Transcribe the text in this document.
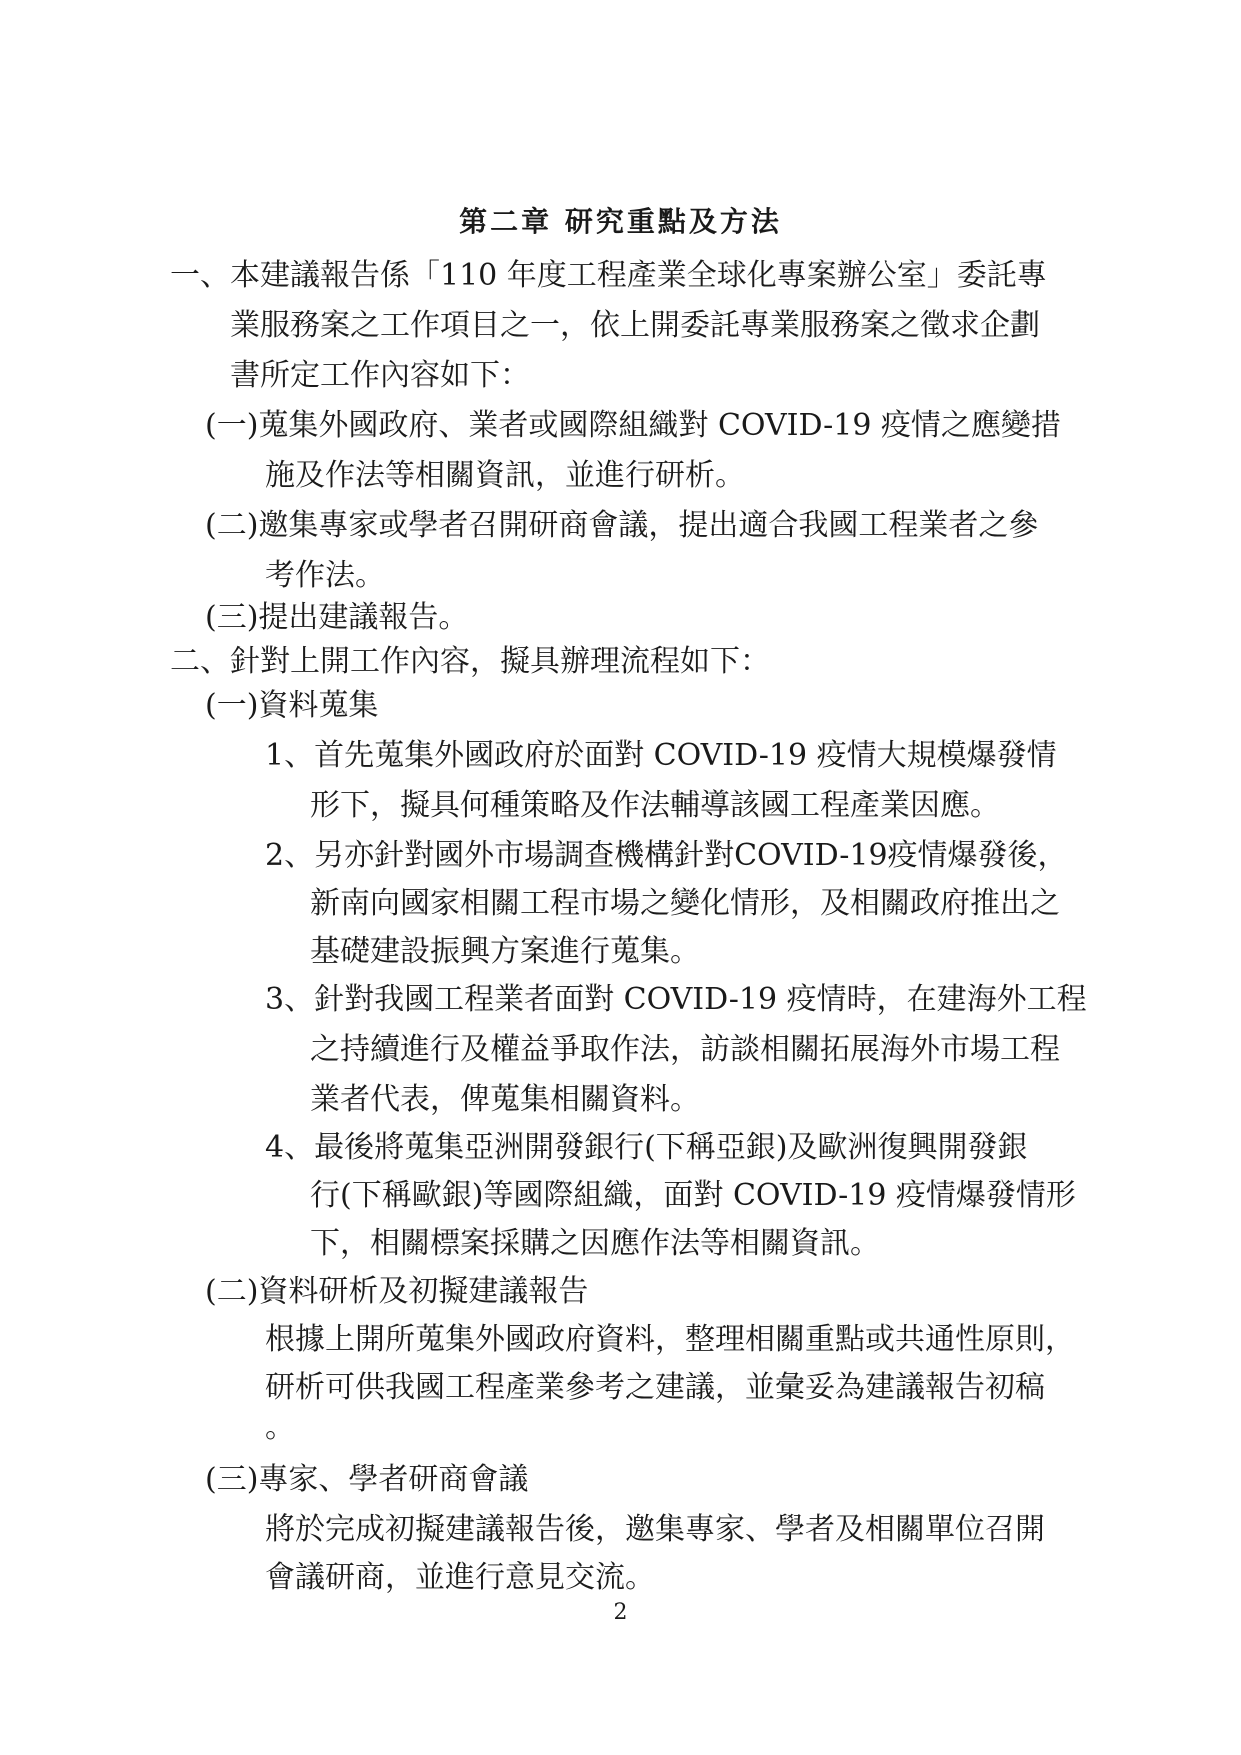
第二章 研究重點及方法
一、本建議報告係「110 年度工程產業全球化專案辦公室」委託專
業服務案之工作項目之一，依上開委託專業服務案之徵求企劃
書所定工作內容如下：
(一)蒐集外國政府、業者或國際組織對 COVID-19 疫情之應變措
施及作法等相關資訊，並進行研析。
(二)邀集專家或學者召開研商會議，提出適合我國工程業者之參
考作法。
(三)提出建議報告。
二、針對上開工作內容，擬具辦理流程如下：
(一)資料蒐集
1、首先蒐集外國政府於面對 COVID-19 疫情大規模爆發情
形下，擬具何種策略及作法輔導該國工程產業因應。
2、另亦針對國外市場調查機構針對COVID-19疫情爆發後，
新南向國家相關工程市場之變化情形，及相關政府推出之
基礎建設振興方案進行蒐集。
3、針對我國工程業者面對 COVID-19 疫情時，在建海外工程
之持續進行及權益爭取作法，訪談相關拓展海外市場工程
業者代表，俾蒐集相關資料。
4、最後將蒐集亞洲開發銀行(下稱亞銀)及歐洲復興開發銀
行(下稱歐銀)等國際組織，面對 COVID-19 疫情爆發情形
下，相關標案採購之因應作法等相關資訊。
(二)資料研析及初擬建議報告
根據上開所蒐集外國政府資料，整理相關重點或共通性原則，
研析可供我國工程產業參考之建議，並彙妥為建議報告初稿
。
(三)專家、學者研商會議
將於完成初擬建議報告後，邀集專家、學者及相關單位召開
會議研商，並進行意見交流。
2
